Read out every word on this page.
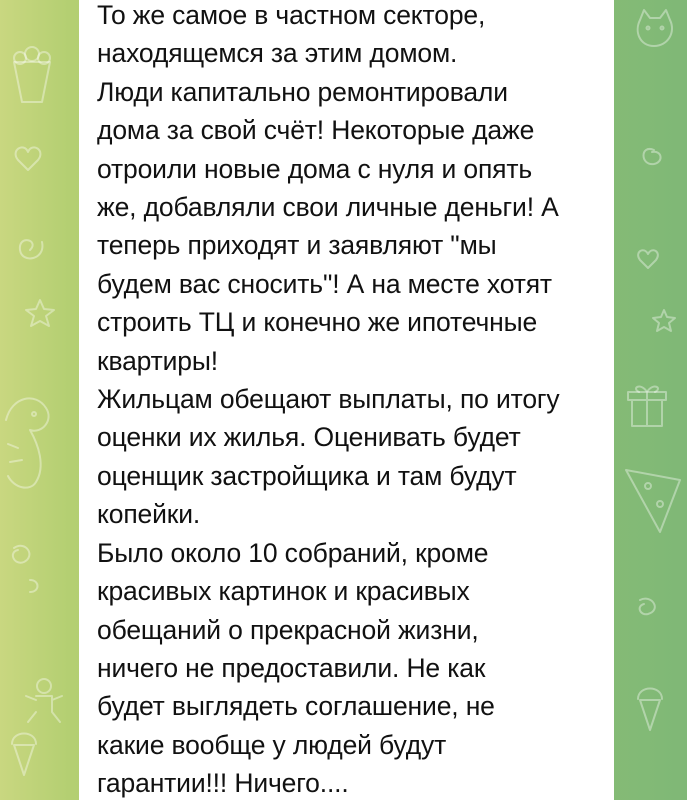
То же самое в частном секторе,
находящемся за этим домом.
Люди капитально ремонтировали
дома за свой счёт! Некоторые даже
отроили новые дома с нуля и опять
же, добавляли свои личные деньги! А
теперь приходят и заявляют "мы
будем вас сносить"! А на месте хотят
строить ТЦ и конечно же ипотечные
квартиры!
Жильцам обещают выплаты, по итогу
оценки их жилья. Оценивать будет
оценщик застройщика и там будут
копейки.
Было около 10 собраний, кроме
красивых картинок и красивых
обещаний о прекрасной жизни,
ничего не предоставили. Не как
будет выглядеть соглашение, не
какие вообще у людей будут
гарантии!!! Ничего....
